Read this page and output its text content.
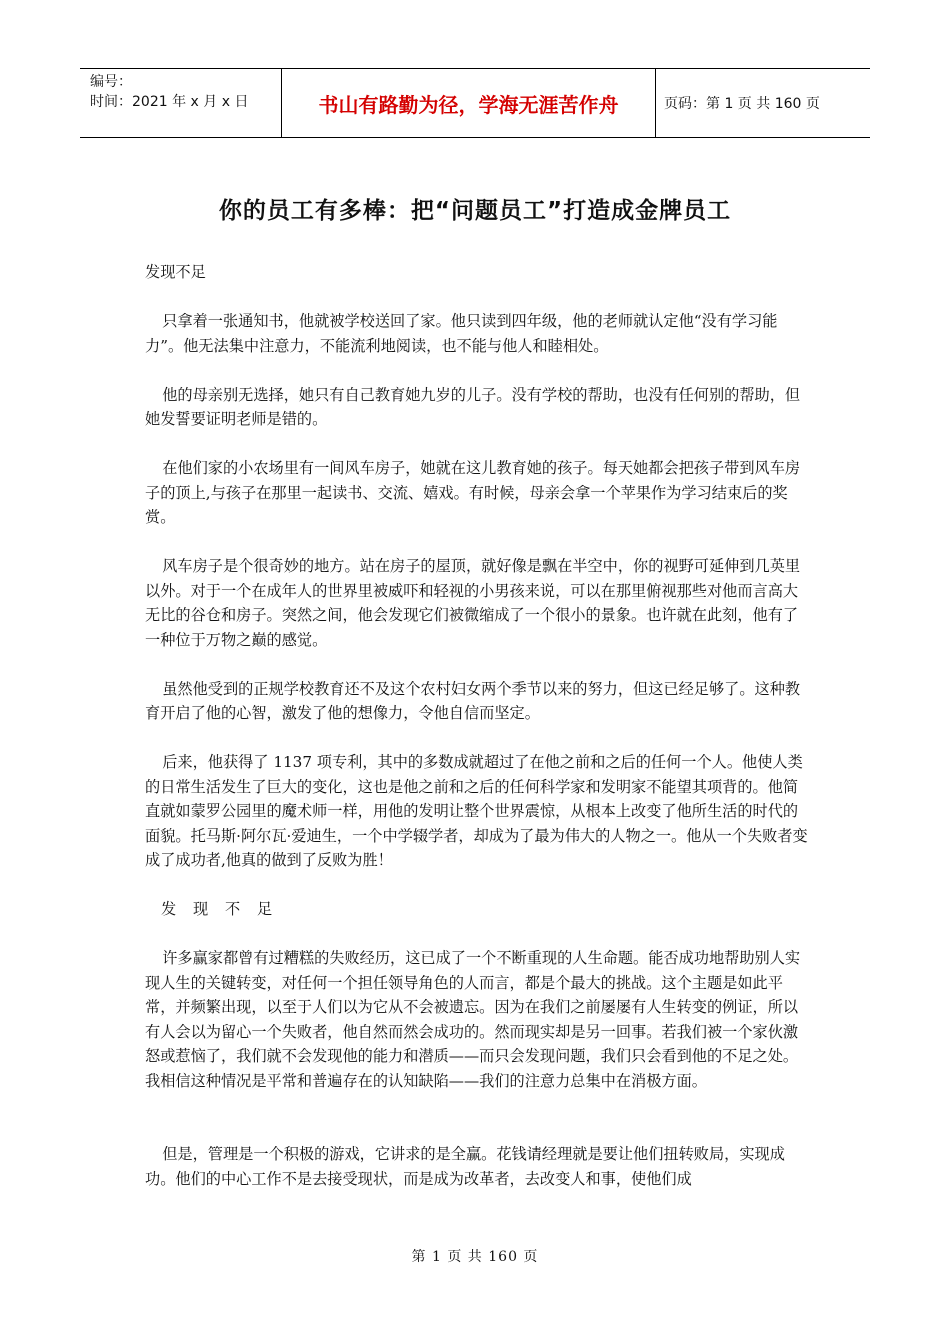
编号：
时间：2021 年 x 月 x 日	书山有路勤为径，学海无涯苦作舟	页码：第 1 页 共 160 页
你的员工有多棒：把“问题员工”打造成金牌员工
发现不足

　只拿着一张通知书，他就被学校送回了家。他只读到四年级，他的老师就认定他“没有学习能力”。他无法集中注意力，不能流利地阅读，也不能与他人和睦相处。

　他的母亲别无选择，她只有自己教育她九岁的儿子。没有学校的帮助，也没有任何别的帮助，但她发誓要证明老师是错的。

　在他们家的小农场里有一间风车房子，她就在这儿教育她的孩子。每天她都会把孩子带到风车房子的顶上,与孩子在那里一起读书、交流、嬉戏。有时候，母亲会拿一个苹果作为学习结束后的奖赏。

　风车房子是个很奇妙的地方。站在房子的屋顶，就好像是飘在半空中，你的视野可延伸到几英里以外。对于一个在成年人的世界里被威吓和轻视的小男孩来说，可以在那里俯视那些对他而言高大无比的谷仓和房子。突然之间，他会发现它们被微缩成了一个很小的景象。也许就在此刻，他有了一种位于万物之巅的感觉。

　虽然他受到的正规学校教育还不及这个农村妇女两个季节以来的努力，但这已经足够了。这种教育开启了他的心智，激发了他的想像力，令他自信而坚定。

　后来，他获得了 1137 项专利，其中的多数成就超过了在他之前和之后的任何一个人。他使人类的日常生活发生了巨大的变化，这也是他之前和之后的任何科学家和发明家不能望其项背的。他简直就如蒙罗公园里的魔术师一样，用他的发明让整个世界震惊，从根本上改变了他所生活的时代的面貌。托马斯·阿尔瓦·爱迪生，一个中学辍学者，却成为了最为伟大的人物之一。他从一个失败者变成了成功者,他真的做到了反败为胜！

发 现 不 足

　许多赢家都曾有过糟糕的失败经历，这已成了一个不断重现的人生命题。能否成功地帮助别人实现人生的关键转变，对任何一个担任领导角色的人而言，都是个最大的挑战。这个主题是如此平常，并频繁出现，以至于人们以为它从不会被遗忘。因为在我们之前屡屡有人生转变的例证，所以有人会以为留心一个失败者，他自然而然会成功的。然而现实却是另一回事。若我们被一个家伙激怒或惹恼了，我们就不会发现他的能力和潜质——而只会发现问题，我们只会看到他的不足之处。我相信这种情况是平常和普遍存在的认知缺陷——我们的注意力总集中在消极方面。

　但是，管理是一个积极的游戏，它讲求的是全赢。花钱请经理就是要让他们扭转败局，实现成功。他们的中心工作不是去接受现状，而是成为改革者，去改变人和事，使他们成

第 1 页 共 160 页
